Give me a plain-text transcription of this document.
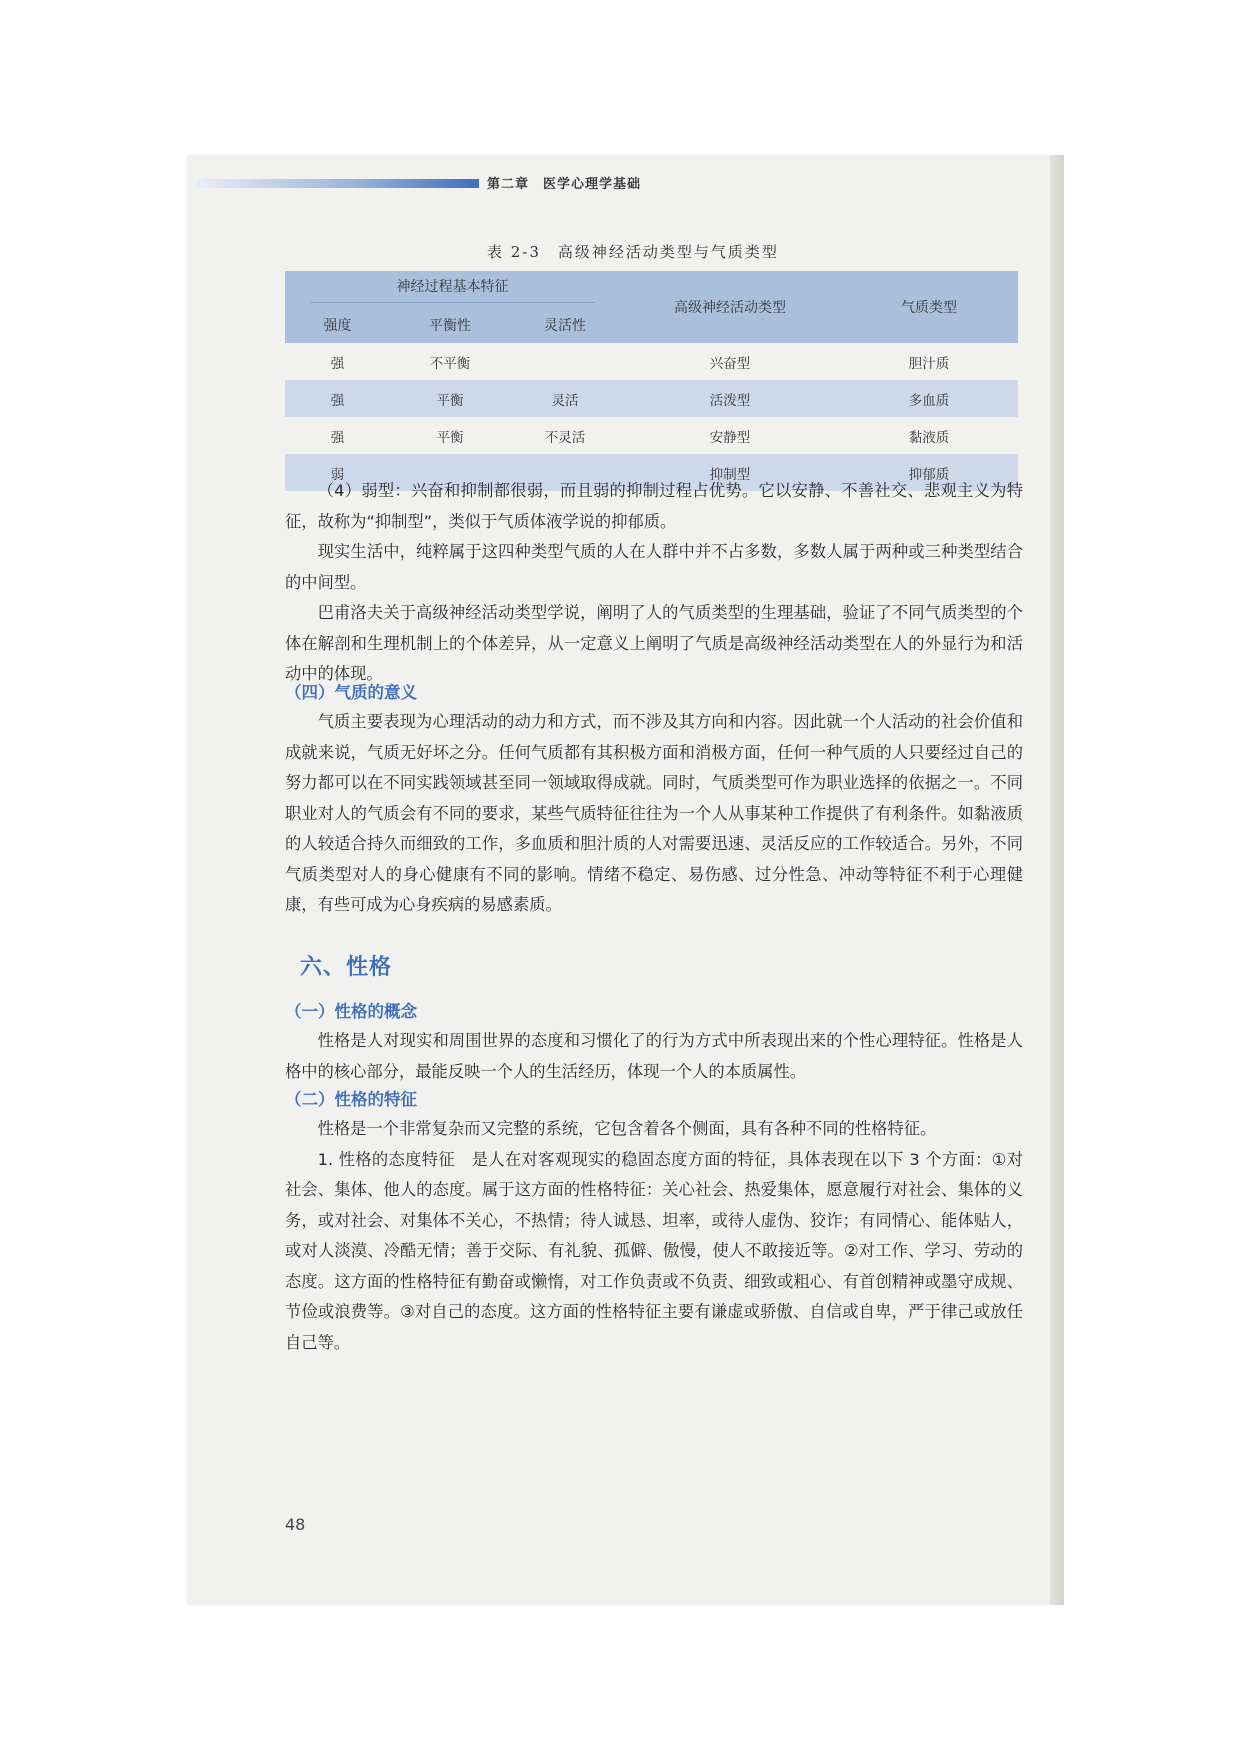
第二章　医学心理学基础
表 2-3　高级神经活动类型与气质类型
神经过程基本特征			高级神经活动类型	气质类型
强度	平衡性	灵活性		
强	不平衡		兴奋型	胆汁质
强	平衡	灵活	活泼型	多血质
强	平衡	不灵活	安静型	黏液质
弱			抑制型	抑郁质

（4）弱型：兴奋和抑制都很弱，而且弱的抑制过程占优势。它以安静、不善社交、悲观主义为特征，故称为“抑制型”，类似于气质体液学说的抑郁质。

现实生活中，纯粹属于这四种类型气质的人在人群中并不占多数，多数人属于两种或三种类型结合的中间型。

巴甫洛夫关于高级神经活动类型学说，阐明了人的气质类型的生理基础，验证了不同气质类型的个体在解剖和生理机制上的个体差异，从一定意义上阐明了气质是高级神经活动类型在人的外显行为和活动中的体现。

（四）气质的意义

气质主要表现为心理活动的动力和方式，而不涉及其方向和内容。因此就一个人活动的社会价值和成就来说，气质无好坏之分。任何气质都有其积极方面和消极方面，任何一种气质的人只要经过自己的努力都可以在不同实践领域甚至同一领域取得成就。同时，气质类型可作为职业选择的依据之一。不同职业对人的气质会有不同的要求，某些气质特征往往为一个人从事某种工作提供了有利条件。如黏液质的人较适合持久而细致的工作，多血质和胆汁质的人对需要迅速、灵活反应的工作较适合。另外，不同气质类型对人的身心健康有不同的影响。情绪不稳定、易伤感、过分性急、冲动等特征不利于心理健康，有些可成为心身疾病的易感素质。

六、性格
（一）性格的概念

性格是人对现实和周围世界的态度和习惯化了的行为方式中所表现出来的个性心理特征。性格是人格中的核心部分，最能反映一个人的生活经历，体现一个人的本质属性。

（二）性格的特征

性格是一个非常复杂而又完整的系统，它包含着各个侧面，具有各种不同的性格特征。

1. 性格的态度特征　是人在对客观现实的稳固态度方面的特征，具体表现在以下 3 个方面：①对社会、集体、他人的态度。属于这方面的性格特征：关心社会、热爱集体，愿意履行对社会、集体的义务，或对社会、对集体不关心，不热情；待人诚恳、坦率，或待人虚伪、狡诈；有同情心、能体贴人，或对人淡漠、冷酷无情；善于交际、有礼貌、孤僻、傲慢，使人不敢接近等。②对工作、学习、劳动的态度。这方面的性格特征有勤奋或懒惰，对工作负责或不负责、细致或粗心、有首创精神或墨守成规、节俭或浪费等。③对自己的态度。这方面的性格特征主要有谦虚或骄傲、自信或自卑，严于律己或放任自己等。

48
